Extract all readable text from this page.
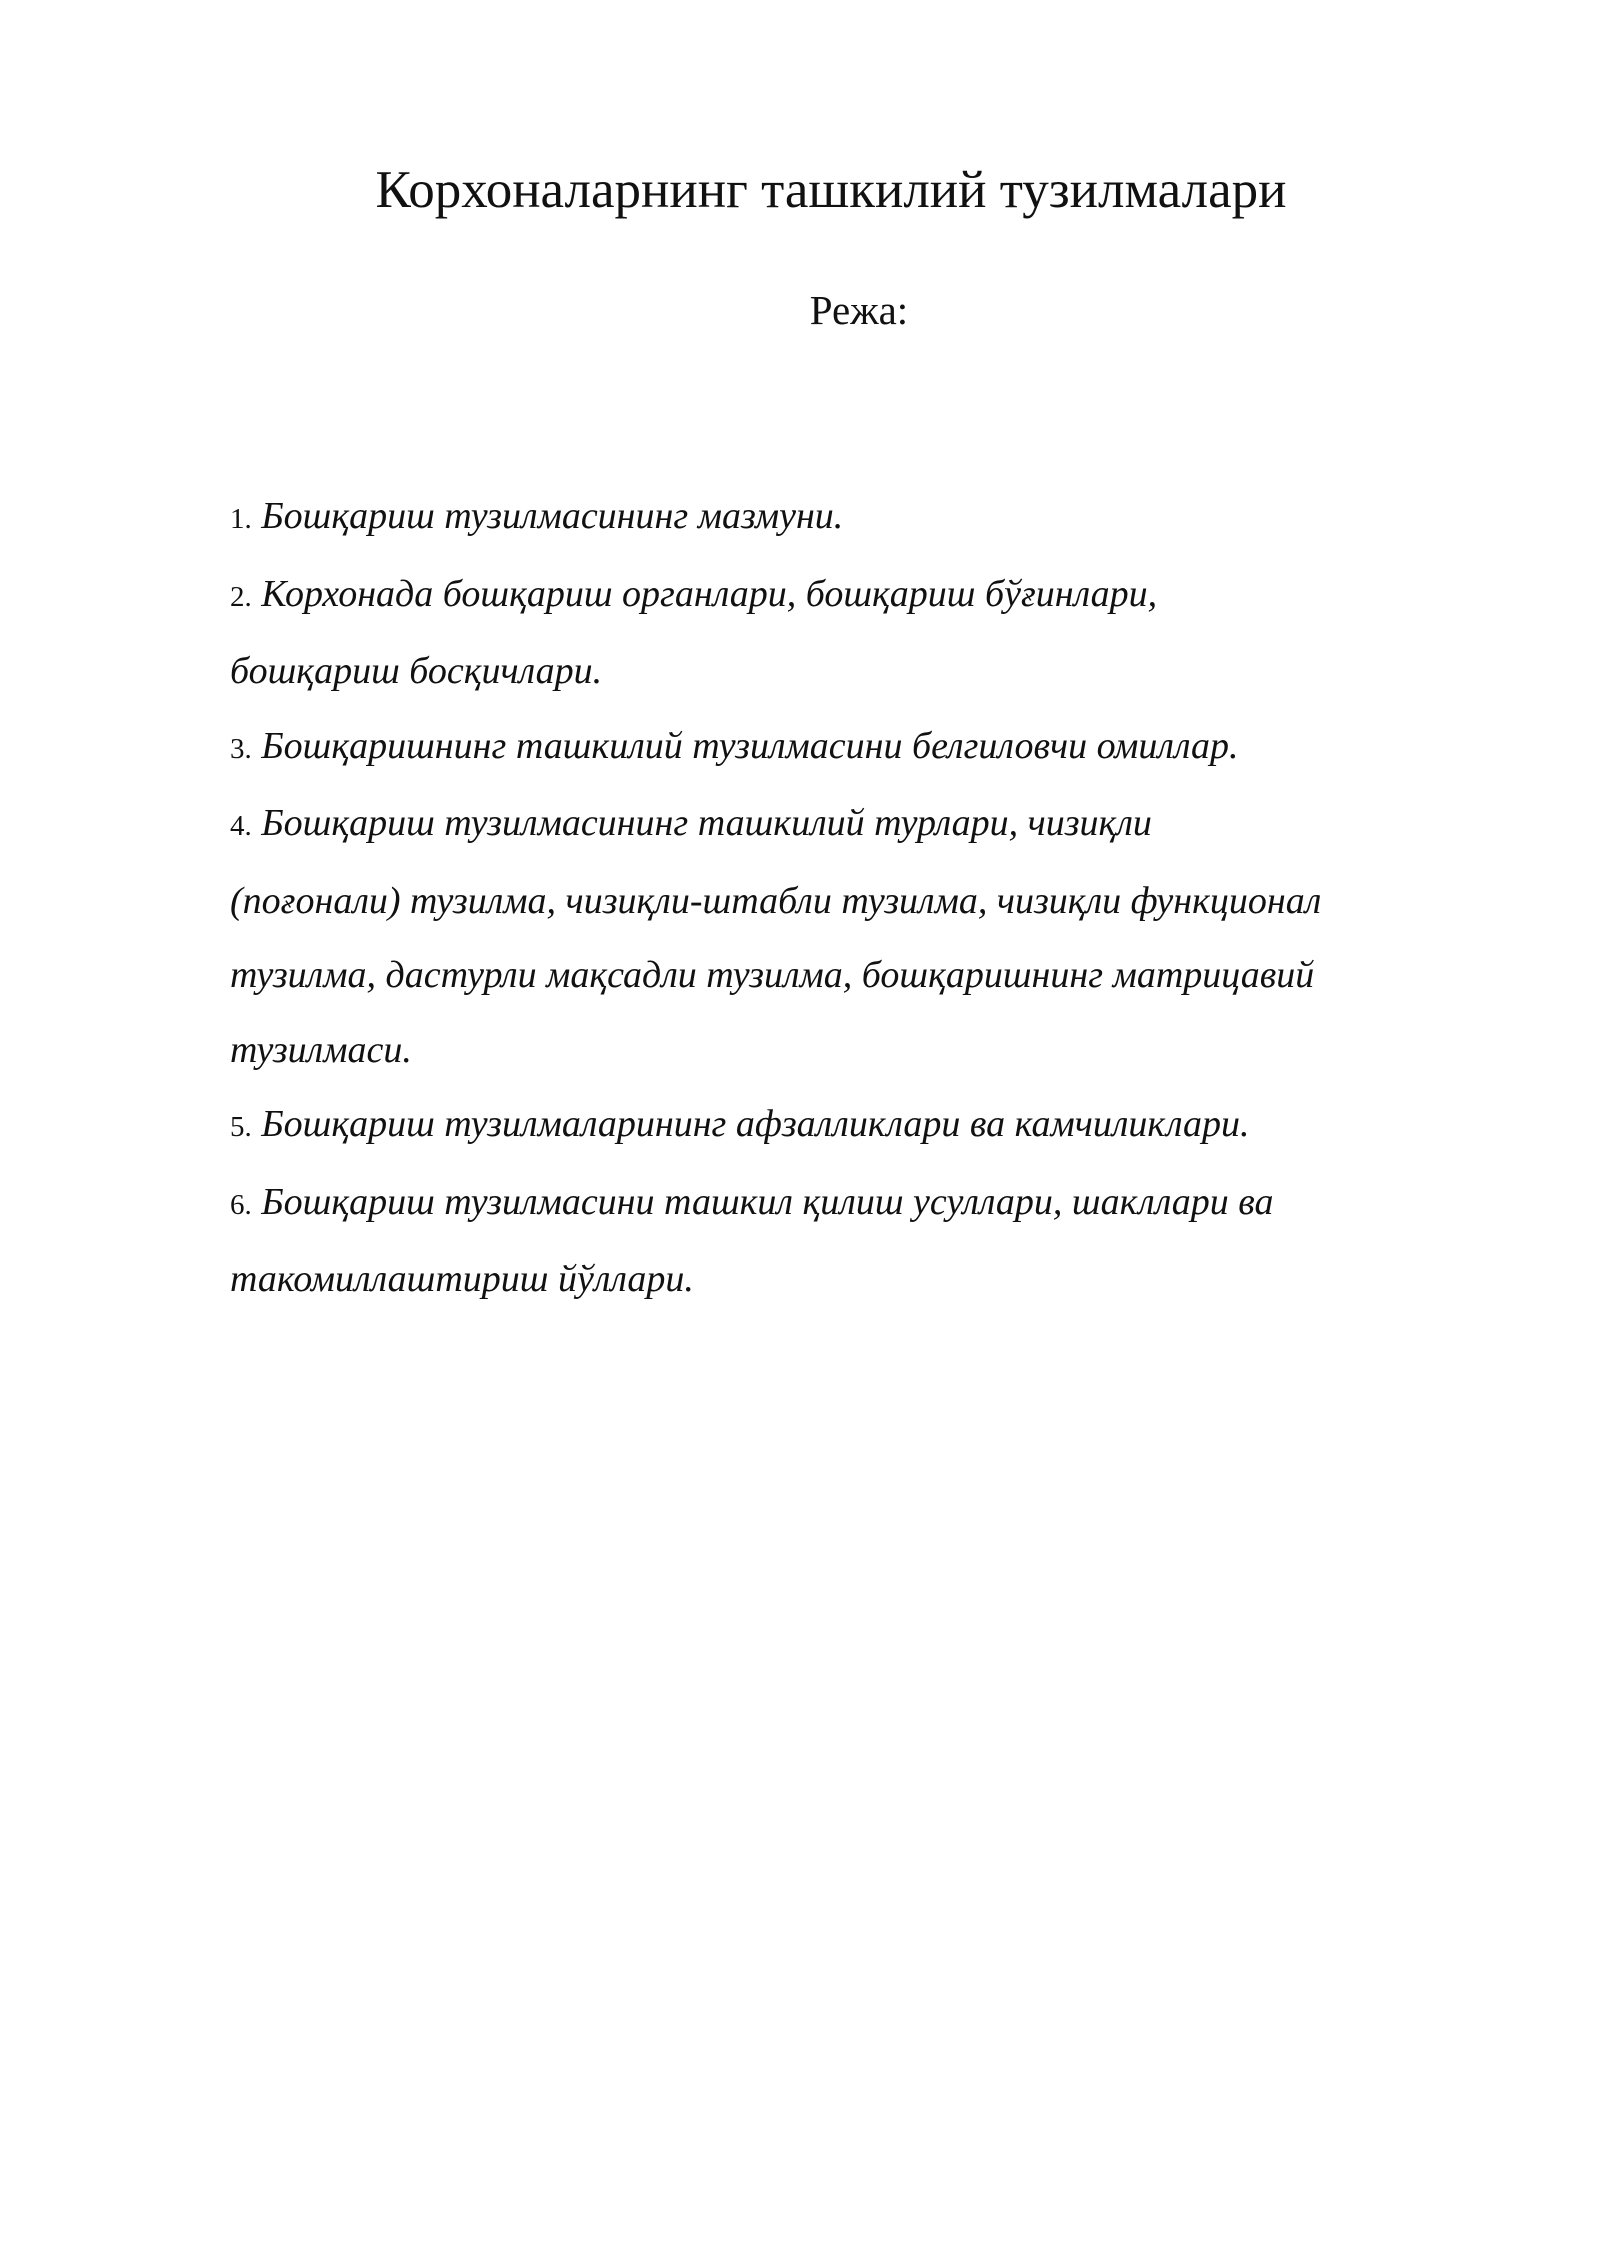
Корхоналарнинг ташкилий тузилмалари
Режа:
1. Бошқариш тузилмасининг мазмуни.
2. Корхонада бошқариш органлари, бошқариш бўғинлари,
бошқариш босқичлари.
3. Бошқаришнинг ташкилий тузилмасини белгиловчи омиллар.
4. Бошқариш тузилмасининг ташкилий турлари, чизиқли
(поғонали) тузилма, чизиқли-штабли тузилма, чизиқли функционал
тузилма, дастурли мақсадли тузилма, бошқаришнинг матрицавий
тузилмаси.
5. Бошқариш тузилмаларининг афзалликлари ва камчиликлари.
6. Бошқариш тузилмасини ташкил қилиш усуллари, шакллари ва
такомиллаштириш йўллари.
